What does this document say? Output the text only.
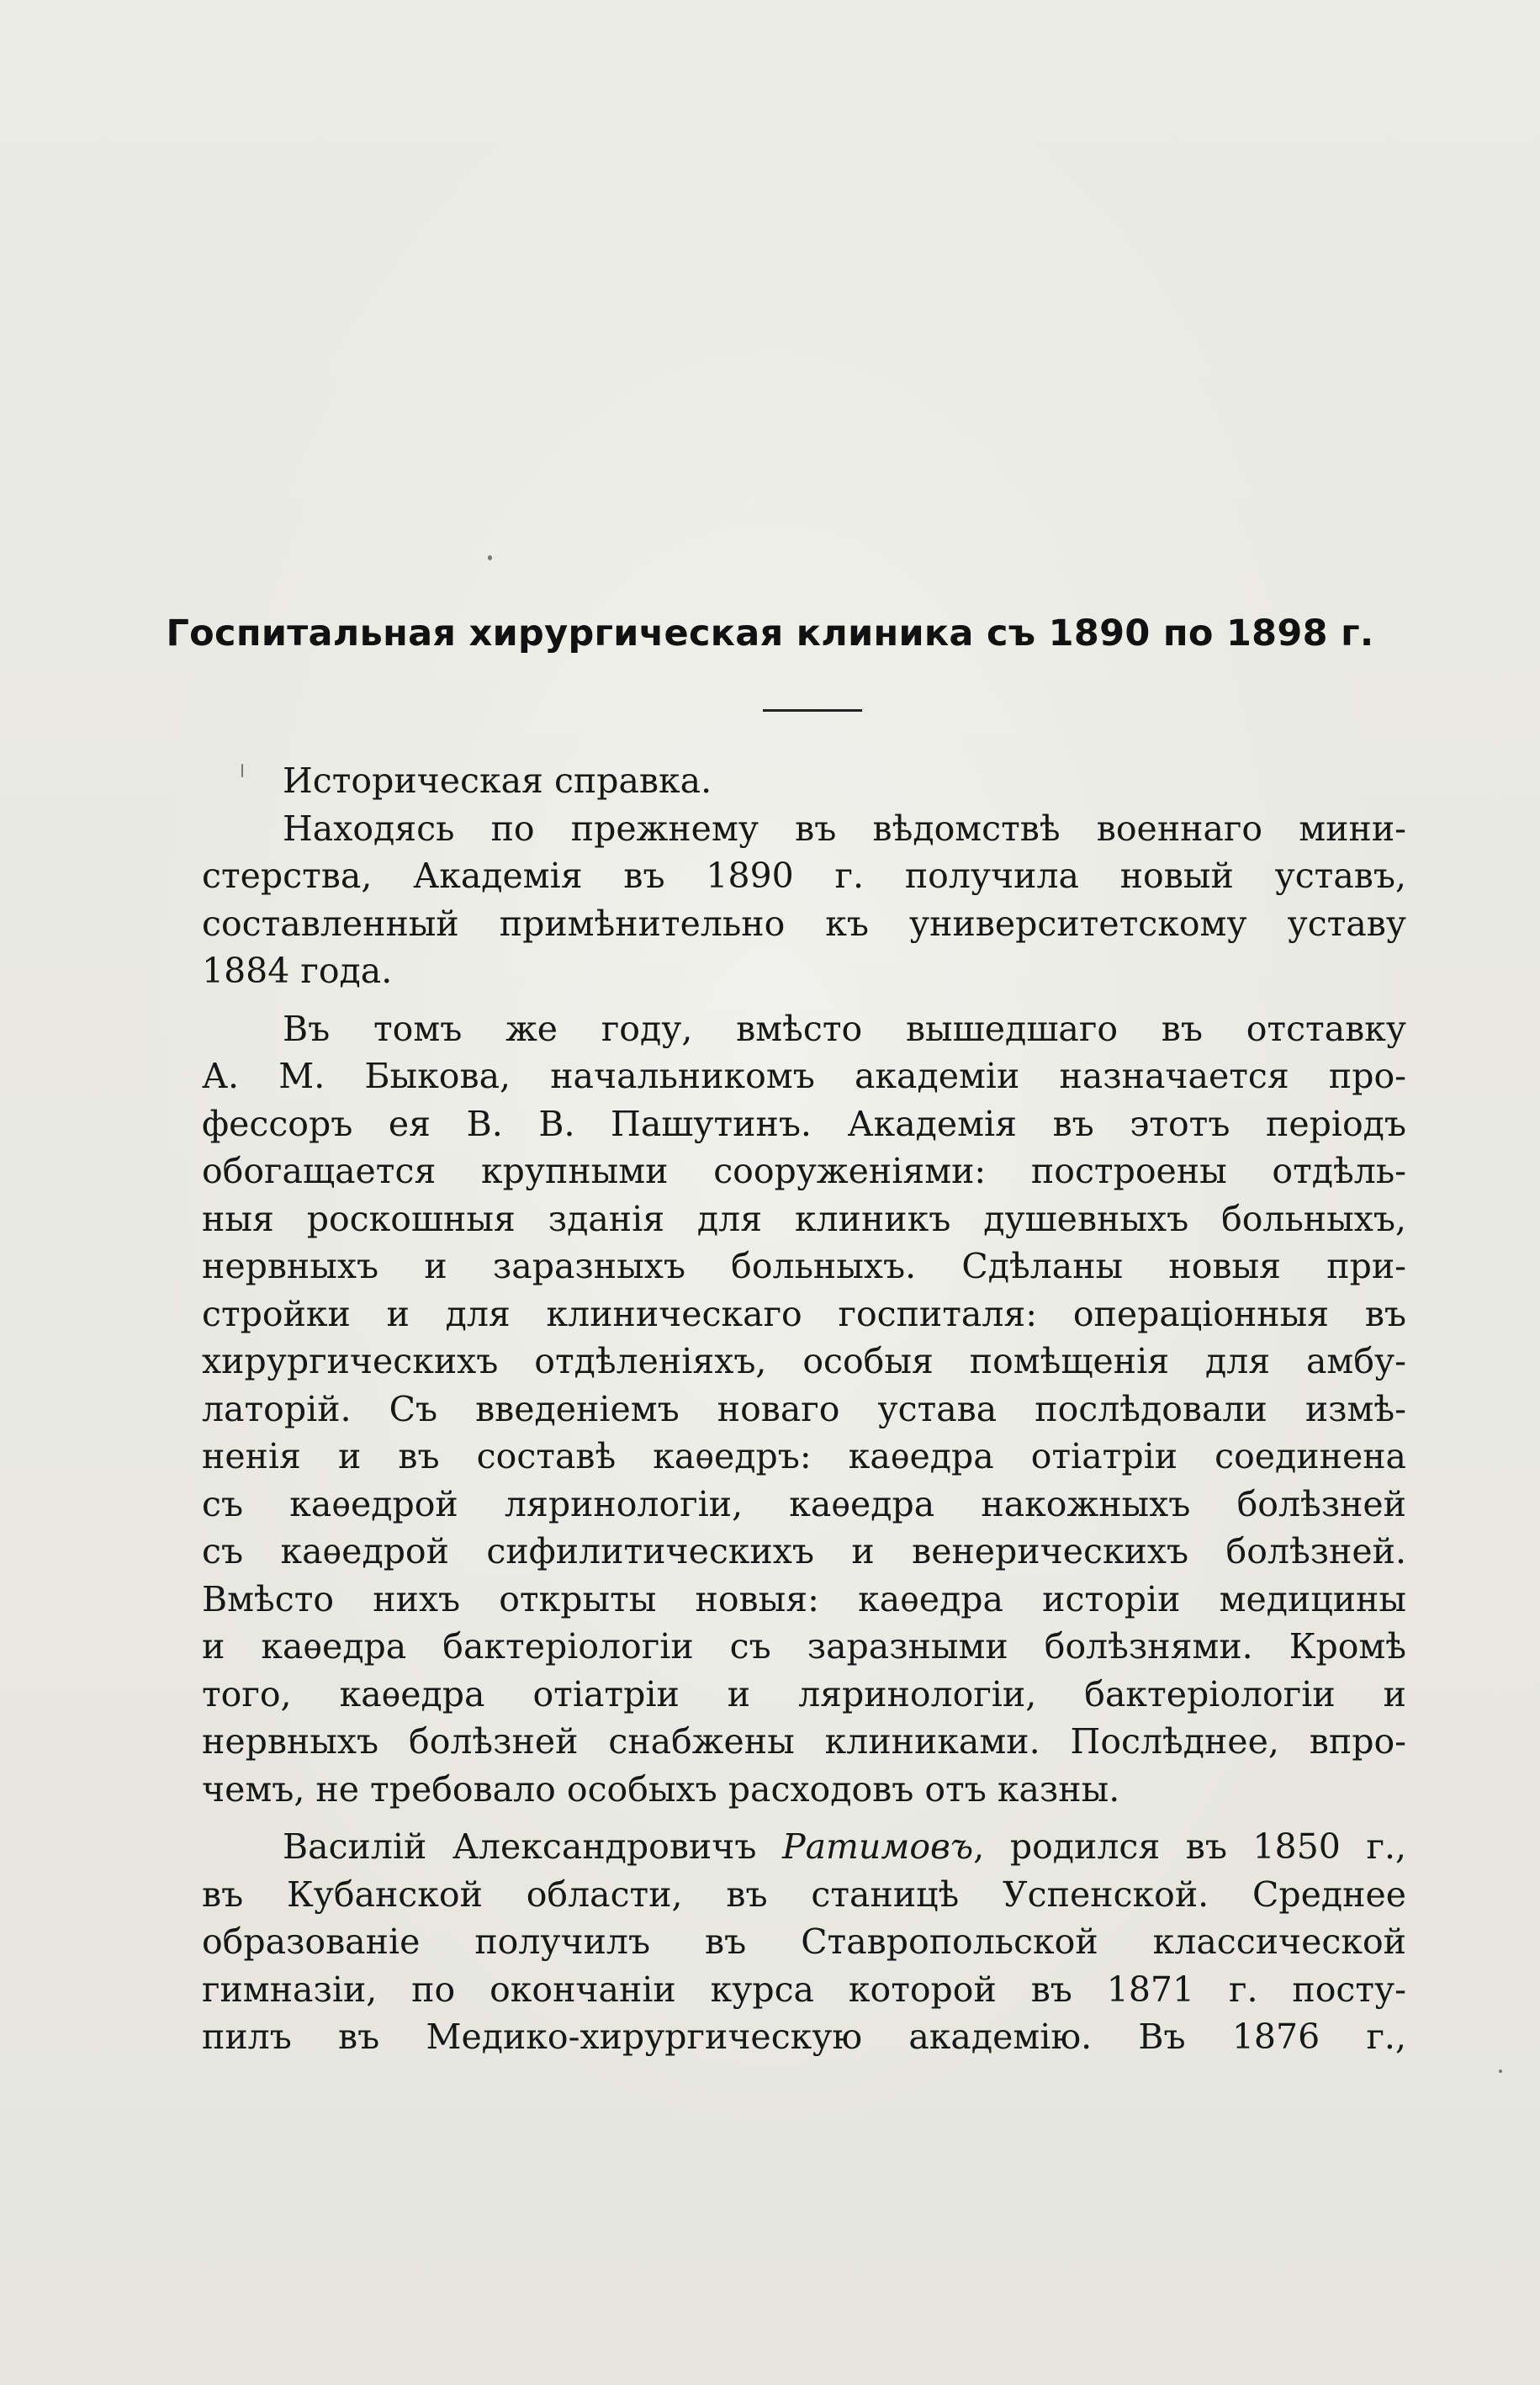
Госпитальная хирургическая клиника съ 1890 по 1898 г.
Историческая справка.
Находясь по прежнему въ вѣдомствѣ военнаго мини-
стерства, Академія въ 1890 г. получила новый уставъ,
составленный примѣнительно къ университетскому уставу
1884 года.
Въ томъ же году, вмѣсто вышедшаго въ отставку
А. М. Быкова, начальникомъ академіи назначается про-
фессоръ ея В. В. Пашутинъ. Академія въ этотъ періодъ
обогащается крупными сооруженіями: построены отдѣль-
ныя роскошныя зданія для клиникъ душевныхъ больныхъ,
нервныхъ и заразныхъ больныхъ. Сдѣланы новыя при-
стройки и для клиническаго госпиталя: операціонныя въ
хирургическихъ отдѣленіяхъ, особыя помѣщенія для амбу-
латорій. Съ введеніемъ новаго устава послѣдовали измѣ-
ненія и въ составѣ каѳедръ: каѳедра отіатріи соединена
съ каѳедрой ляринологіи, каѳедра накожныхъ болѣзней
съ каѳедрой сифилитическихъ и венерическихъ болѣзней.
Вмѣсто нихъ открыты новыя: каѳедра исторіи медицины
и каѳедра бактеріологіи съ заразными болѣзнями. Кромѣ
того, каѳедра отіатріи и ляринологіи, бактеріологіи и
нервныхъ болѣзней снабжены клиниками. Послѣднее, впро-
чемъ, не требовало особыхъ расходовъ отъ казны.
Василій Александровичъ Ратимовъ, родился въ 1850 г.,
въ Кубанской области, въ станицѣ Успенской. Среднее
образованіе получилъ въ Ставропольской классической
гимназіи, по окончаніи курса которой въ 1871 г. посту-
пилъ въ Медико-хирургическую академію. Въ 1876 г.,
